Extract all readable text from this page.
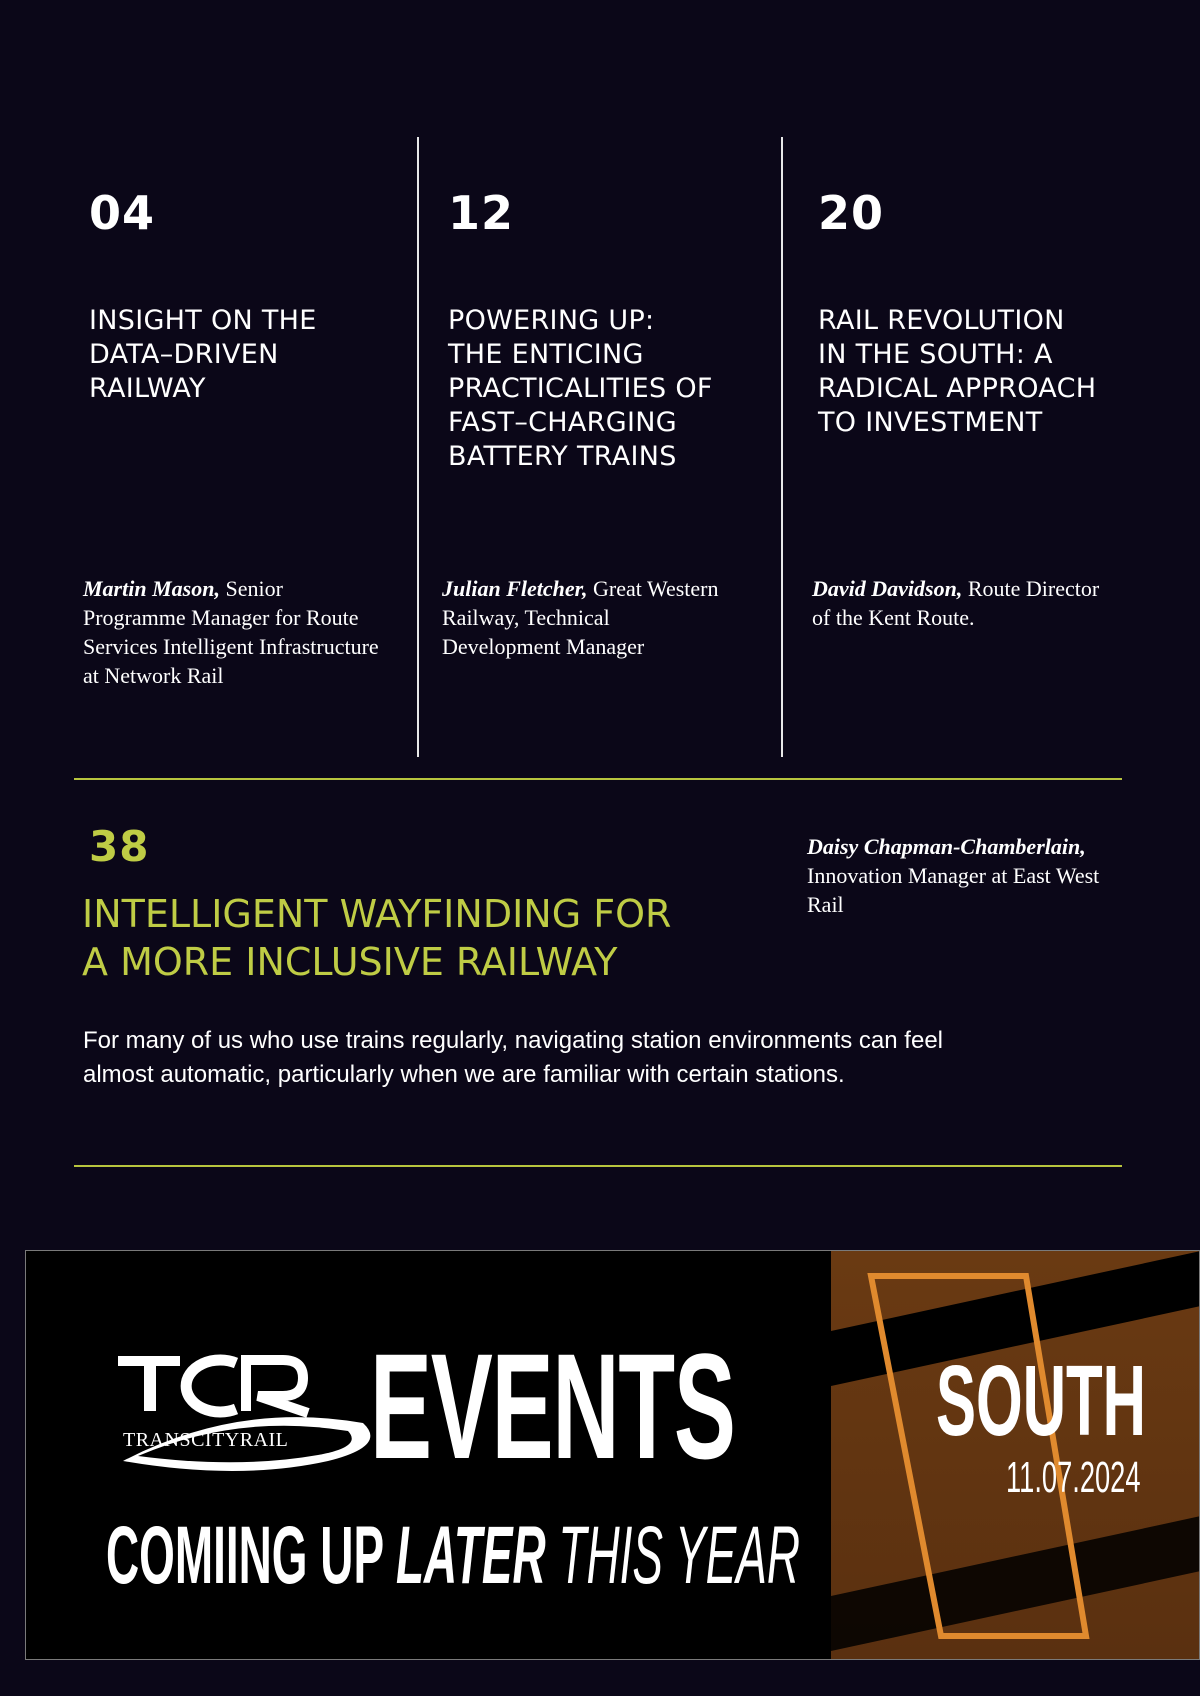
04
INSIGHT ON THE
DATA–DRIVEN
RAILWAY
Martin Mason, Senior Programme Manager for Route Services Intelligent Infrastructure at Network Rail
12
POWERING UP:
THE ENTICING
PRACTICALITIES OF
FAST–CHARGING
BATTERY TRAINS
Julian Fletcher, Great Western Railway, Technical Development Manager
20
RAIL REVOLUTION
IN THE SOUTH: A
RADICAL APPROACH
TO INVESTMENT
David Davidson, Route Director of the Kent Route.
38
INTELLIGENT WAYFINDING FOR
A MORE INCLUSIVE RAILWAY
Daisy Chapman-Chamberlain, Innovation Manager at East West Rail
For many of us who use trains regularly, navigating station environments can feel almost automatic, particularly when we are familiar with certain stations.
TRANSCITYRAIL EVENTS
COMIING UP LATER THIS YEAR
SOUTH
11.07.2024
